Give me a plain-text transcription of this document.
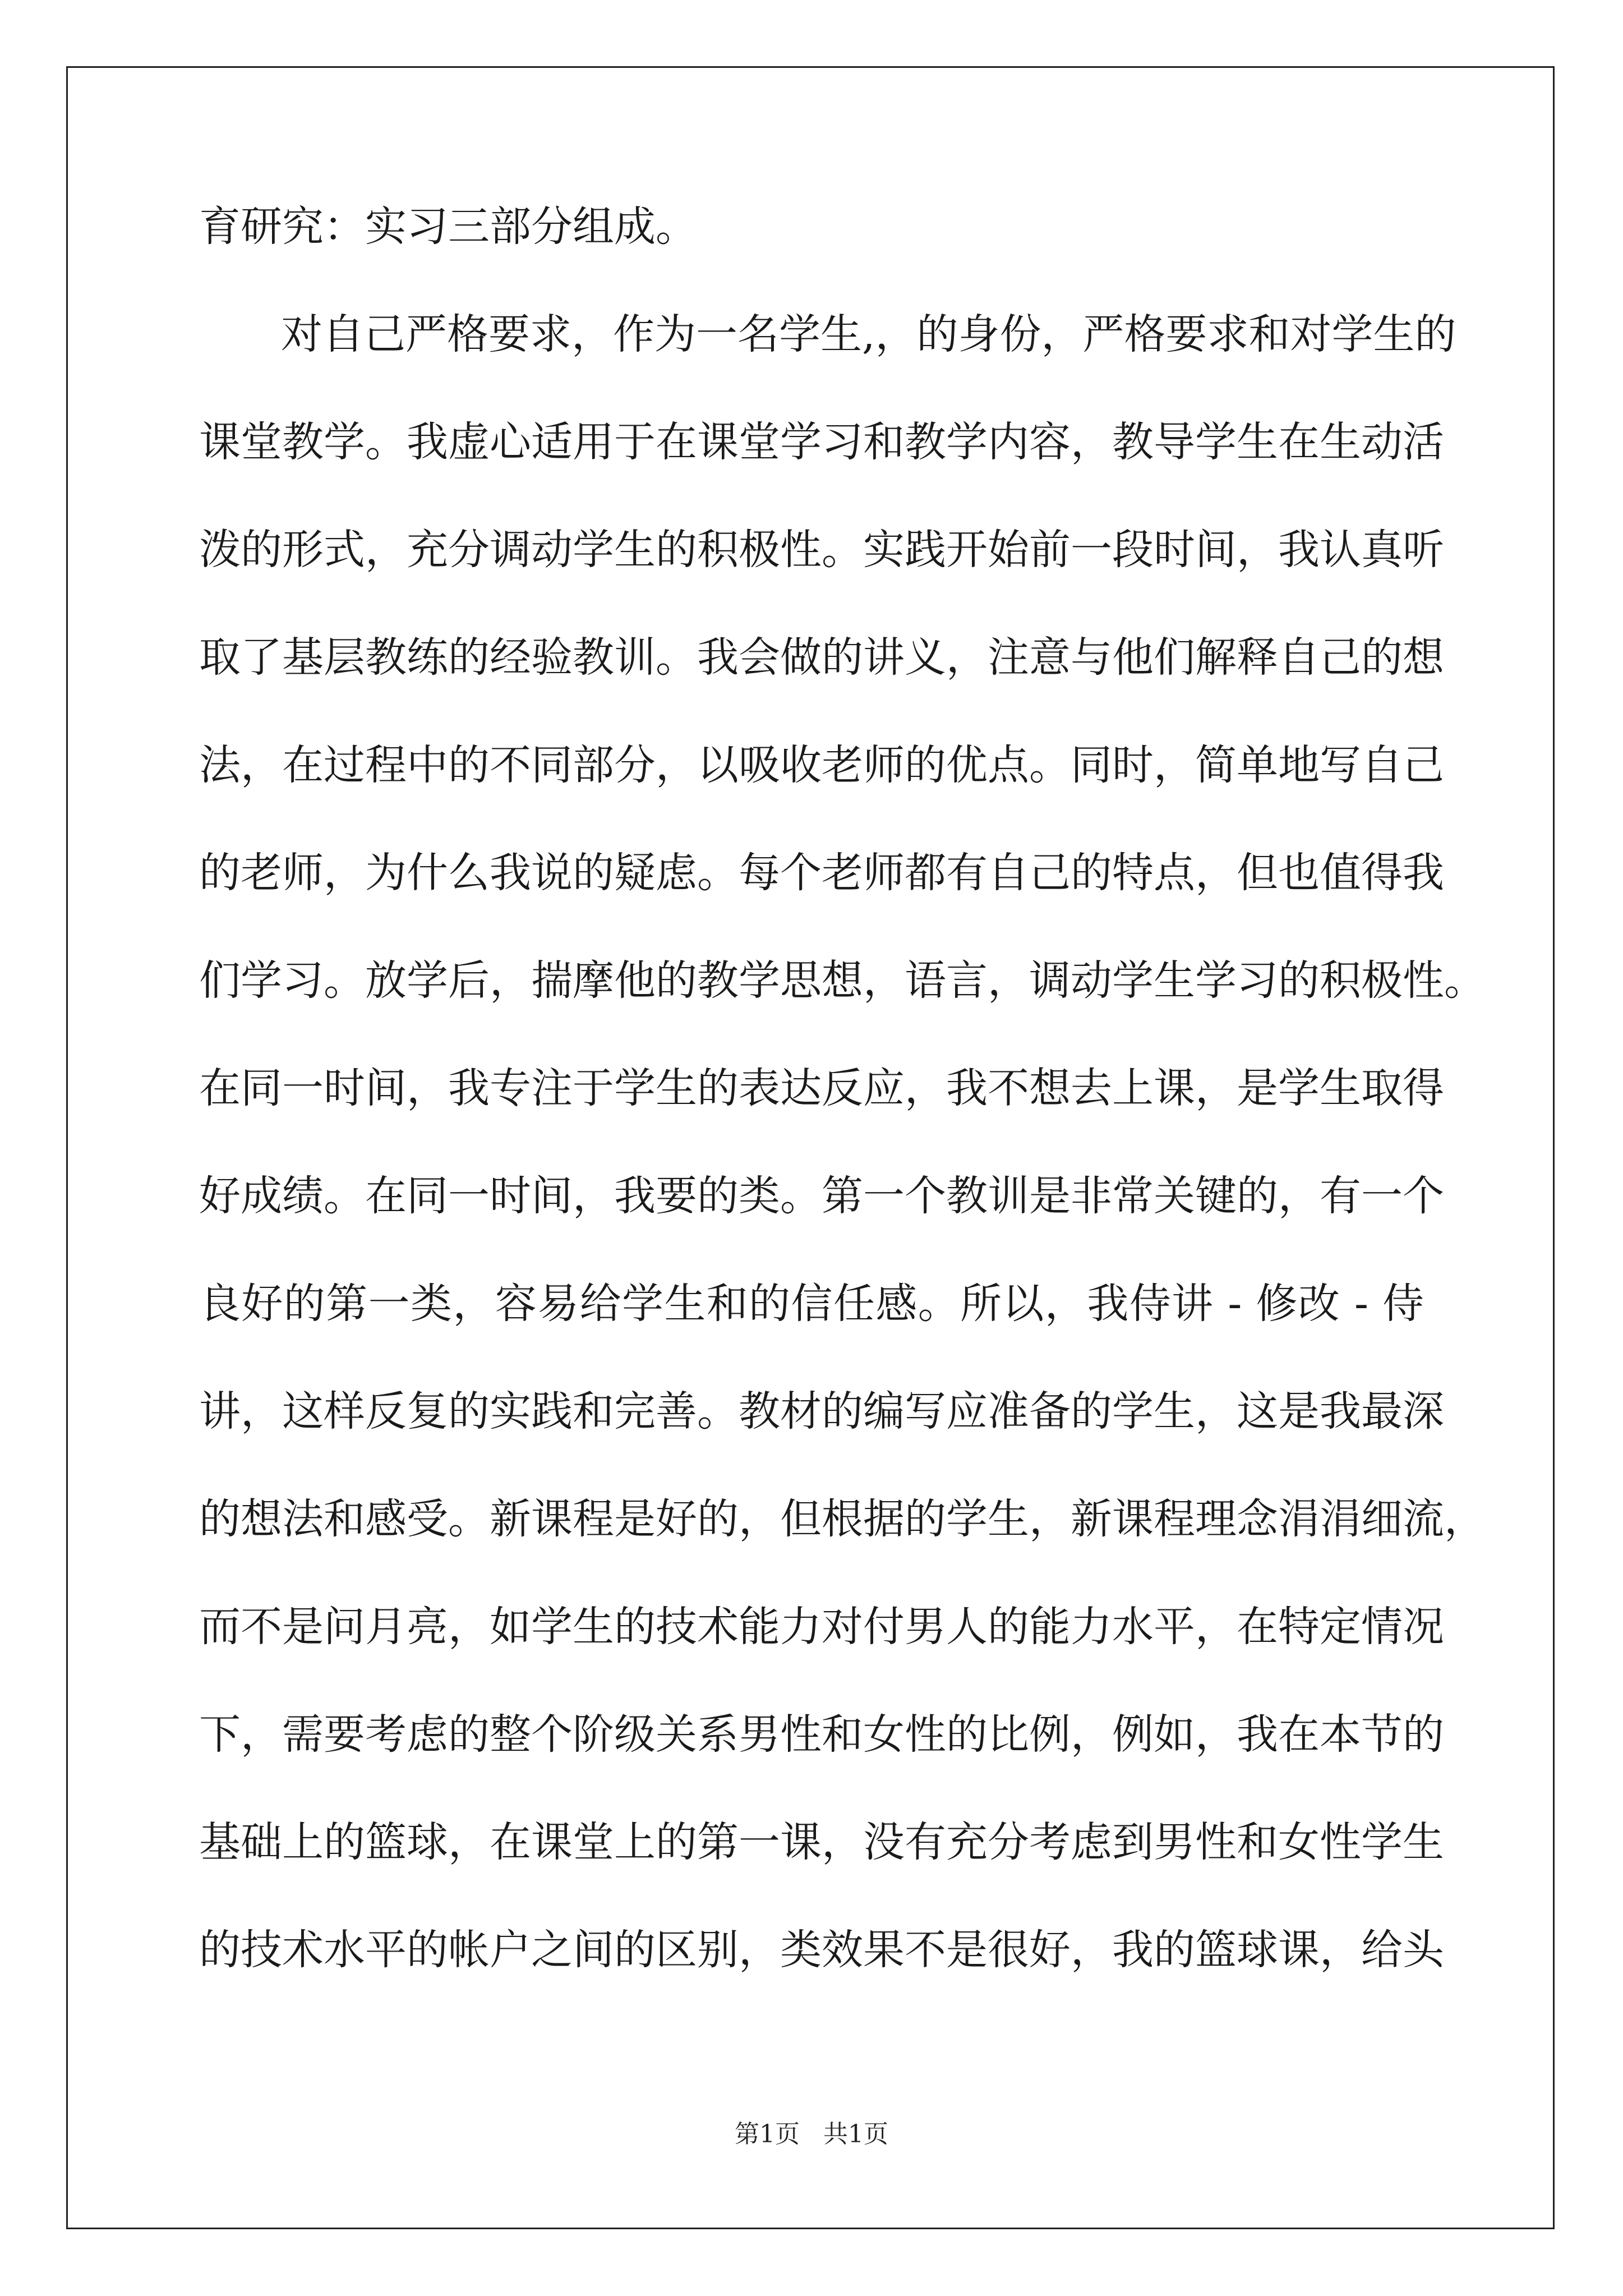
育研究：实习三部分组成。
对自己严格要求，作为一名学生,，的身份，严格要求和对学生的
课堂教学。我虚心适用于在课堂学习和教学内容，教导学生在生动活
泼的形式，充分调动学生的积极性。实践开始前一段时间，我认真听
取了基层教练的经验教训。我会做的讲义，注意与他们解释自己的想
法，在过程中的不同部分，以吸收老师的优点。同时，简单地写自己
的老师，为什么我说的疑虑。每个老师都有自己的特点，但也值得我
们学习。放学后，揣摩他的教学思想，语言，调动学生学习的积极性。
在同一时间，我专注于学生的表达反应，我不想去上课，是学生取得
好成绩。在同一时间，我要的类。第一个教训是非常关键的，有一个
良好的第一类，容易给学生和的信任感。所以，我侍讲 - 修改 - 侍
讲，这样反复的实践和完善。教材的编写应准备的学生，这是我最深
的想法和感受。新课程是好的，但根据的学生，新课程理念涓涓细流，
而不是问月亮，如学生的技术能力对付男人的能力水平，在特定情况
下，需要考虑的整个阶级关系男性和女性的比例，例如，我在本节的
基础上的篮球，在课堂上的第一课，没有充分考虑到男性和女性学生
的技术水平的帐户之间的区别，类效果不是很好，我的篮球课，给头
第1页 共1页
